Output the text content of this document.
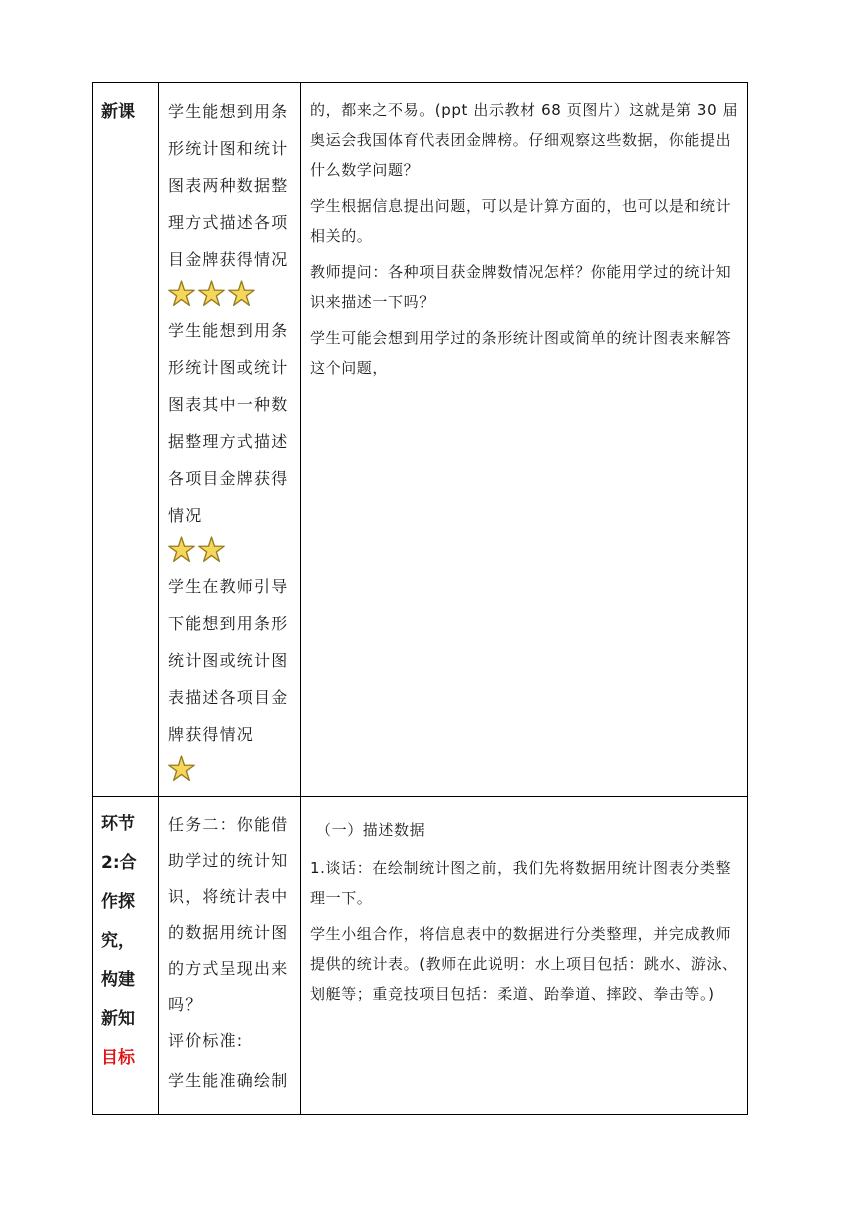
新课	学生能想到用条形统计图和统计图表两种数据整理方式描述各项目金牌获得情况

学生能想到用条形统计图或统计图表其中一种数据整理方式描述各项目金牌获得情况

学生在教师引导下能想到用条形统计图或统计图表描述各项目金牌获得情况

的，都来之不易。(ppt 出示教材 68 页图片）这就是第 30 届奥运会我国体育代表团金牌榜。仔细观察这些数据，你能提出什么数学问题？

学生根据信息提出问题，可以是计算方面的，也可以是和统计相关的。

教师提问：各种项目获金牌数情况怎样？你能用学过的统计知识来描述一下吗？

学生可能会想到用学过的条形统计图或简单的统计图表来解答这个问题，

环节
2:合
作探
究，
构建
新知
目标

任务二：你能借助学过的统计知识，将统计表中的数据用统计图的方式呈现出来吗？

评价标准:

学生能准确绘制

（一）描述数据

1.谈话：在绘制统计图之前，我们先将数据用统计图表分类整理一下。

学生小组合作，将信息表中的数据进行分类整理，并完成教师提供的统计表。(教师在此说明：水上项目包括：跳水、游泳、划艇等；重竞技项目包括：柔道、跆拳道、摔跤、拳击等。)
